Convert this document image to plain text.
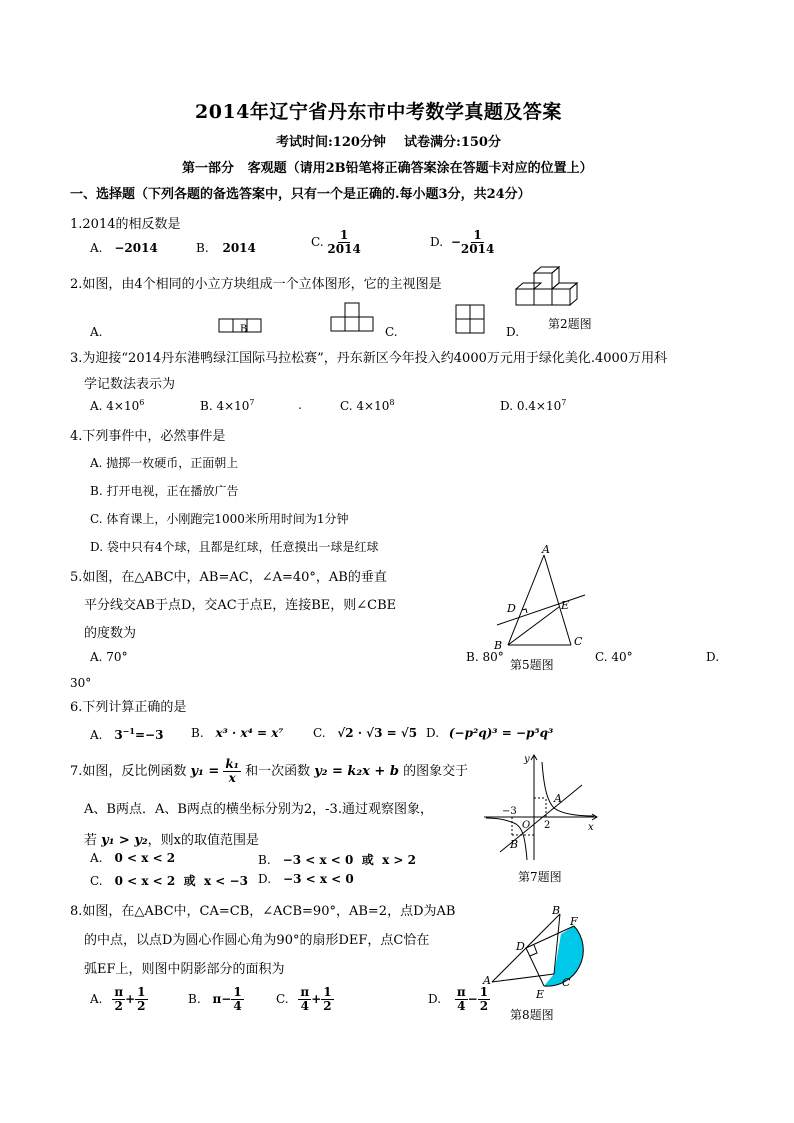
2014年辽宁省丹东市中考数学真题及答案
考试时间:120分钟    试卷满分:150分
第一部分   客观题（请用2B铅笔将正确答案涂在答题卡对应的位置上）
一、选择题（下列各题的备选答案中，只有一个是正确的.每小题3分，共24分）
1.2014的相反数是
A. −2014	B. 2014	C. $\frac{1}{2014}$	D. − $\frac{1}{2014}$
2.如图，由4个相同的小立方块组成一个立体图形，它的主视图是
第2题图
A.	B	C.	D.
3.为迎接“2014丹东港鸭绿江国际马拉松赛”，丹东新区今年投入约4000万元用于绿化美化.4000万用科
学记数法表示为
A. $4\times 10^6$	B. $4\times 10^7$	.	C. $4\times 10^8$	D. $0.4\times 10^7$
4.下列事件中，必然事件是
A. 抛掷一枚硬币，正面朝上
B. 打开电视，正在播放广告
C. 体育课上，小刚跑完1000米所用时间为1分钟
D. 袋中只有4个球，且都是红球，任意摸出一球是红球
5.如图，在△ABC中，AB=AC，∠A=40°，AB的垂直
平分线交AB于点D，交AC于点E，连接BE，则∠CBE
的度数为
A
B	C
D	E
A. 70°	B. 80°
第5题图
C. 40°	D.
30°
6.下列计算正确的是
A. $3^{-1}=-3$ B. x³ · x⁴ = x⁷ C. √2 · √3 = √5 D. (−p²q)³ = −p⁵q³
7.如图，反比例函数 $y_1 = \frac{\text{k₁}}{x}$ 和一次函数 y₂ = k₂x + b 的图象交于
A、B两点．A、B两点的横坐标分别为2，-3.通过观察图象，
若 y₁ > y₂，则x的取值范围是
A. 0 < x < 2	B. −3 < x < 0  或  x > 2
C. 0 < x < 2  或  x < −3 D. −3 < x < 0
y
x
A
B
O
−3
2
第7题图
8.如图，在△ABC中，CA=CB，∠ACB=90°，AB=2，点D为AB
的中点，以点D为圆心作圆心角为90°的扇形DEF，点C恰在
弧EF上，则图中阴影部分的面积为
B
F
D
A	C
E
第8题图
A. $\frac{\pi}{2} + \frac{1}{2}$	B. $\pi- \frac{1}{4}$	C. $\frac{\pi}{4} + \frac{1}{2}$	D. $\frac{\pi}{4} - \frac{1}{2}$
